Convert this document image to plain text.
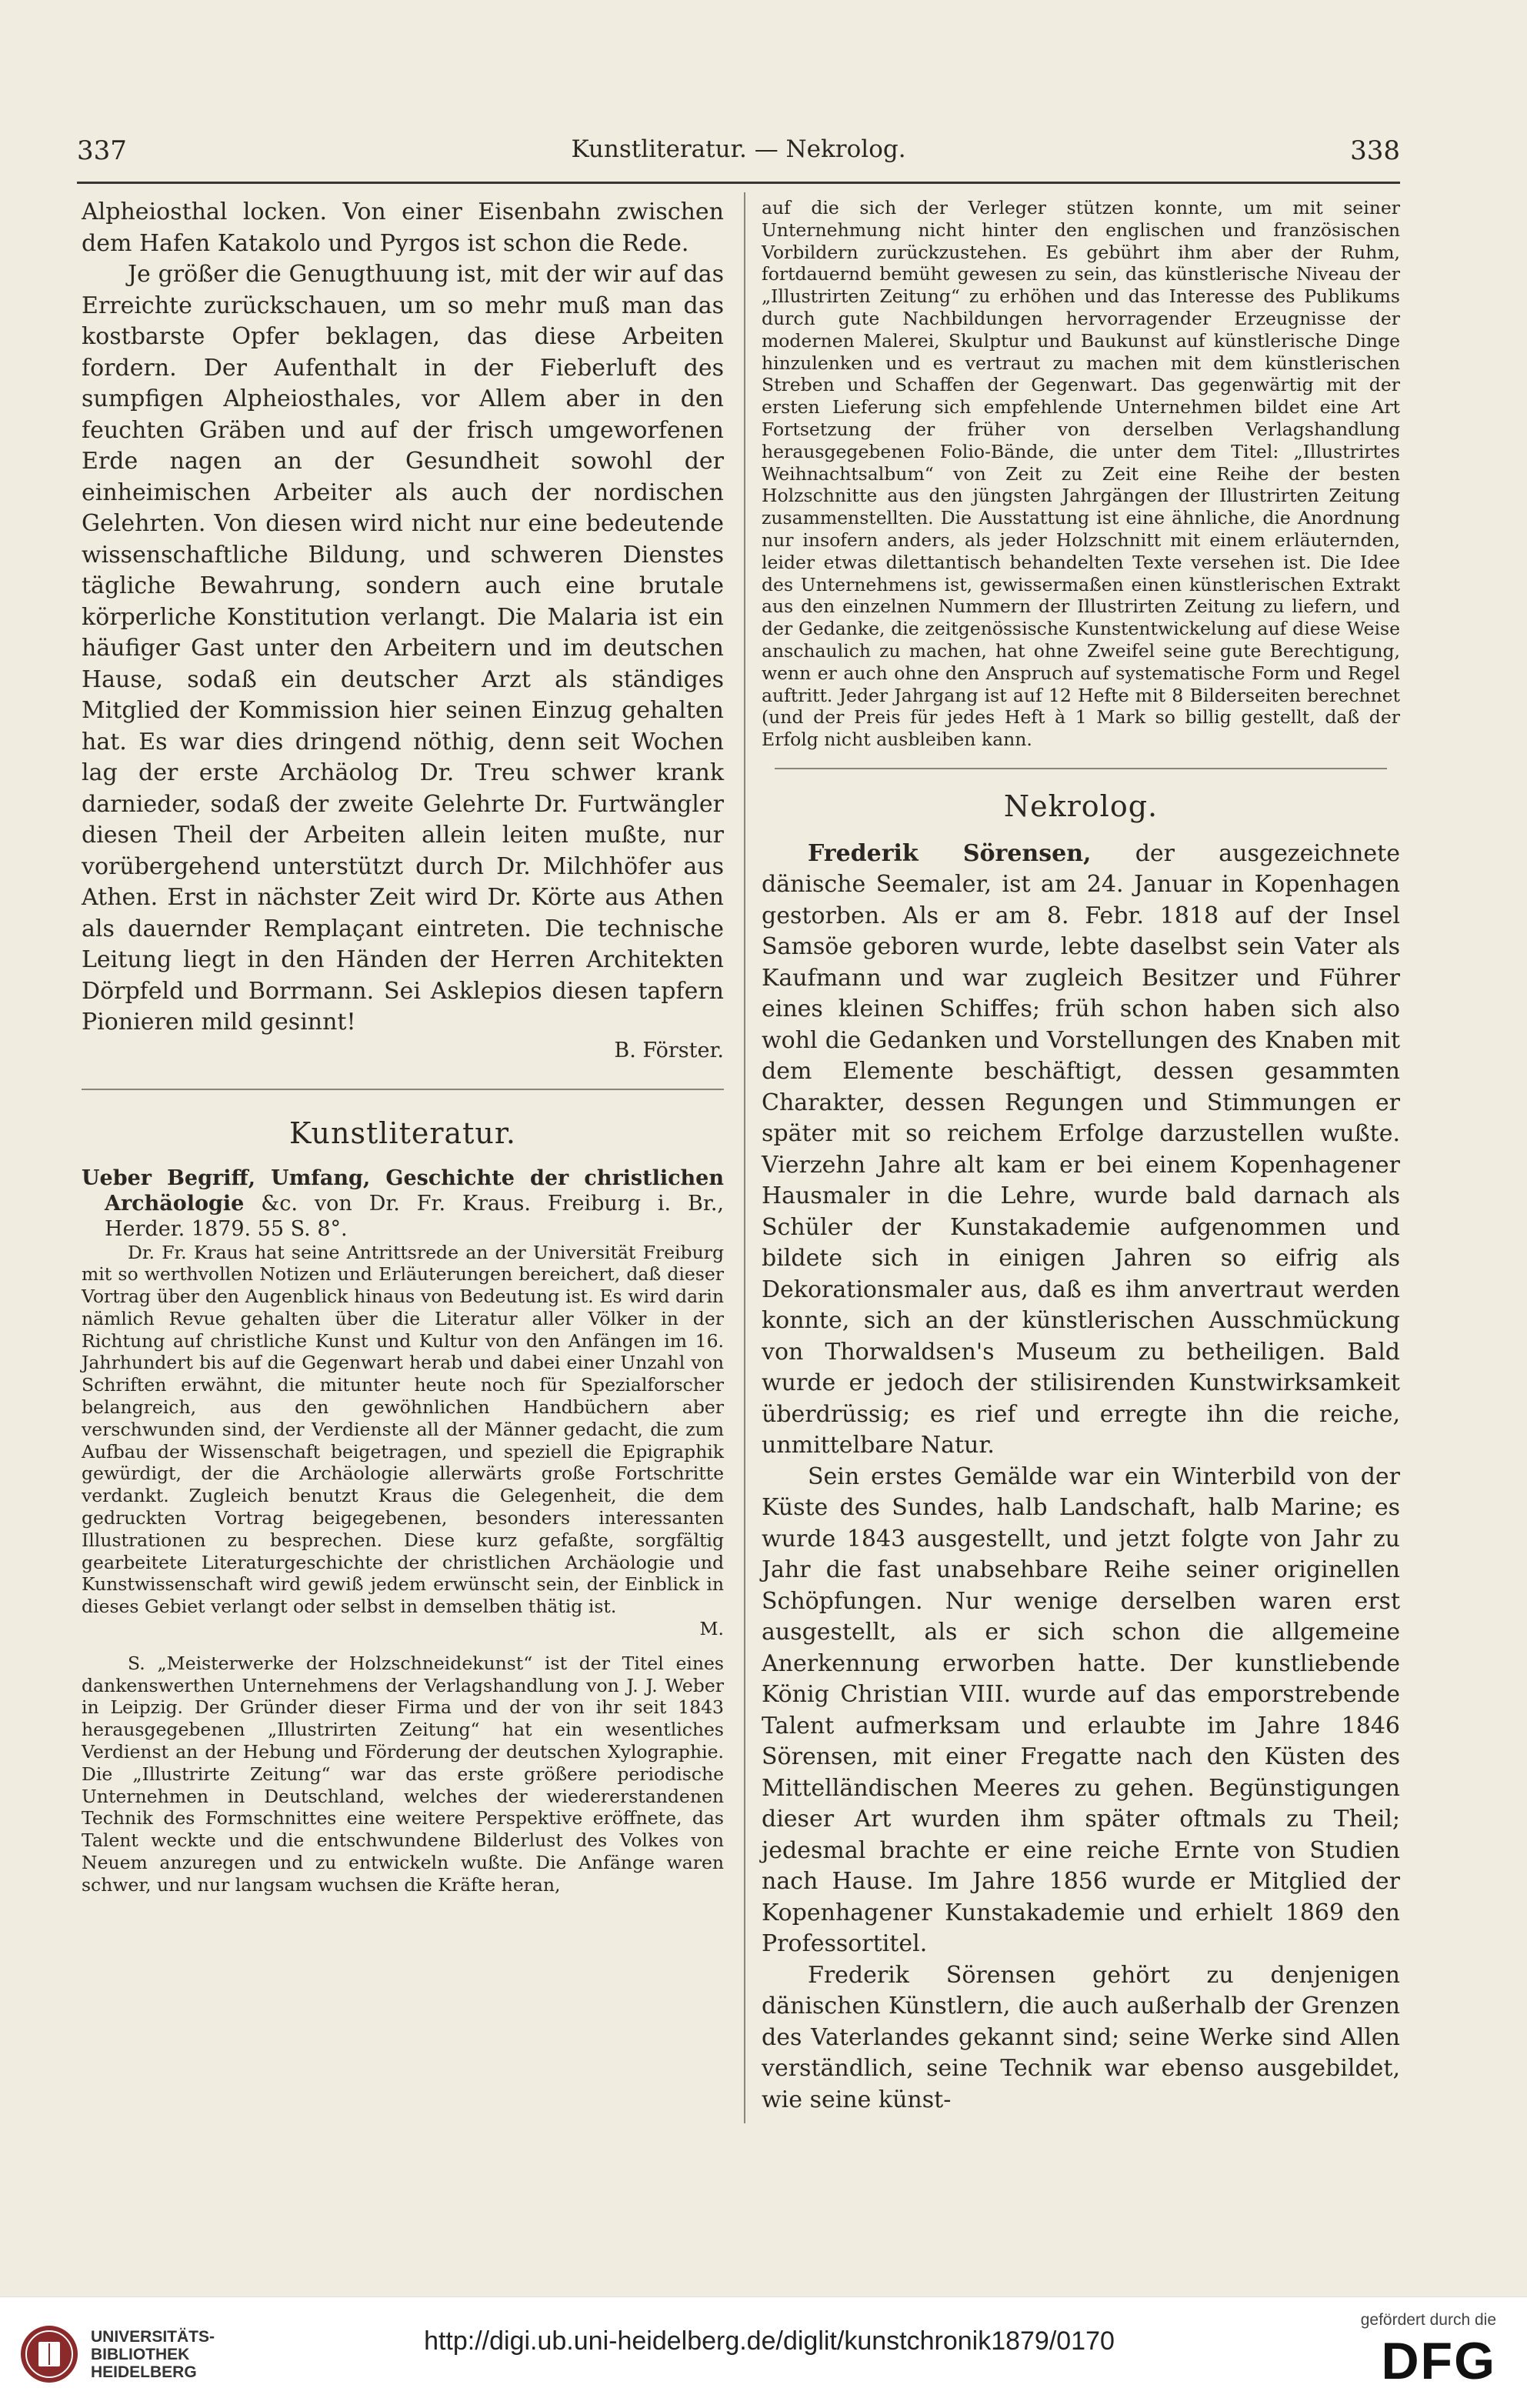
337	Kunstliteratur. — Nekrolog.	338

Alpheiosthal locken. Von einer Eisenbahn zwischen dem Hafen Katakolo und Pyrgos ist schon die Rede.

Je größer die Genugthuung ist, mit der wir auf das Erreichte zurückschauen, um so mehr muß man das kostbarste Opfer beklagen, das diese Arbeiten fordern. Der Aufenthalt in der Fieberluft des sumpfigen Alpheiosthales, vor Allem aber in den feuchten Gräben und auf der frisch umgeworfenen Erde nagen an der Gesundheit sowohl der einheimischen Arbeiter als auch der nordischen Gelehrten. Von diesen wird nicht nur eine bedeutende wissenschaftliche Bildung, und schweren Dienstes tägliche Bewahrung, sondern auch eine brutale körperliche Konstitution verlangt. Die Malaria ist ein häufiger Gast unter den Arbeitern und im deutschen Hause, sodaß ein deutscher Arzt als ständiges Mitglied der Kommission hier seinen Einzug gehalten hat. Es war dies dringend nöthig, denn seit Wochen lag der erste Archäolog Dr. Treu schwer krank darnieder, sodaß der zweite Gelehrte Dr. Furtwängler diesen Theil der Arbeiten allein leiten mußte, nur vorübergehend unterstützt durch Dr. Milchhöfer aus Athen. Erst in nächster Zeit wird Dr. Körte aus Athen als dauernder Remplaçant eintreten. Die technische Leitung liegt in den Händen der Herren Architekten Dörpfeld und Borrmann. Sei Asklepios diesen tapfern Pionieren mild gesinnt!

B. Förster.
Kunstliteratur.

Ueber Begriff, Umfang, Geschichte der christlichen Archäologie &c. von Dr. Fr. Kraus. Freiburg i. Br., Herder. 1879. 55 S. 8°.

Dr. Fr. Kraus hat seine Antrittsrede an der Universität Freiburg mit so werthvollen Notizen und Erläuterungen bereichert, daß dieser Vortrag über den Augenblick hinaus von Bedeutung ist. Es wird darin nämlich Revue gehalten über die Literatur aller Völker in der Richtung auf christliche Kunst und Kultur von den Anfängen im 16. Jahrhundert bis auf die Gegenwart herab und dabei einer Unzahl von Schriften erwähnt, die mitunter heute noch für Spezialforscher belangreich, aus den gewöhnlichen Handbüchern aber verschwunden sind, der Verdienste all der Männer gedacht, die zum Aufbau der Wissenschaft beigetragen, und speziell die Epigraphik gewürdigt, der die Archäologie allerwärts große Fortschritte verdankt. Zugleich benutzt Kraus die Gelegenheit, die dem gedruckten Vortrag beigegebenen, besonders interessanten Illustrationen zu besprechen. Diese kurz gefaßte, sorgfältig gearbeitete Literaturgeschichte der christlichen Archäologie und Kunstwissenschaft wird gewiß jedem erwünscht sein, der Einblick in dieses Gebiet verlangt oder selbst in demselben thätig ist.

M.

S. „Meisterwerke der Holzschneidekunst“ ist der Titel eines dankenswerthen Unternehmens der Verlagshandlung von J. J. Weber in Leipzig. Der Gründer dieser Firma und der von ihr seit 1843 herausgegebenen „Illustrirten Zeitung“ hat ein wesentliches Verdienst an der Hebung und Förderung der deutschen Xylographie. Die „Illustrirte Zeitung“ war das erste größere periodische Unternehmen in Deutschland, welches der wiedererstandenen Technik des Formschnittes eine weitere Perspektive eröffnete, das Talent weckte und die entschwundene Bilderlust des Volkes von Neuem anzuregen und zu entwickeln wußte. Die Anfänge waren schwer, und nur langsam wuchsen die Kräfte heran,

auf die sich der Verleger stützen konnte, um mit seiner Unternehmung nicht hinter den englischen und französischen Vorbildern zurückzustehen. Es gebührt ihm aber der Ruhm, fortdauernd bemüht gewesen zu sein, das künstlerische Niveau der „Illustrirten Zeitung“ zu erhöhen und das Interesse des Publikums durch gute Nachbildungen hervorragender Erzeugnisse der modernen Malerei, Skulptur und Baukunst auf künstlerische Dinge hinzulenken und es vertraut zu machen mit dem künstlerischen Streben und Schaffen der Gegenwart. Das gegenwärtig mit der ersten Lieferung sich empfehlende Unternehmen bildet eine Art Fortsetzung der früher von derselben Verlagshandlung herausgegebenen Folio-Bände, die unter dem Titel: „Illustrirtes Weihnachtsalbum“ von Zeit zu Zeit eine Reihe der besten Holzschnitte aus den jüngsten Jahrgängen der Illustrirten Zeitung zusammenstellten. Die Ausstattung ist eine ähnliche, die Anordnung nur insofern anders, als jeder Holzschnitt mit einem erläuternden, leider etwas dilettantisch behandelten Texte versehen ist. Die Idee des Unternehmens ist, gewissermaßen einen künstlerischen Extrakt aus den einzelnen Nummern der Illustrirten Zeitung zu liefern, und der Gedanke, die zeitgenössische Kunstentwickelung auf diese Weise anschaulich zu machen, hat ohne Zweifel seine gute Berechtigung, wenn er auch ohne den Anspruch auf systematische Form und Regel auftritt. Jeder Jahrgang ist auf 12 Hefte mit 8 Bilderseiten berechnet (und der Preis für jedes Heft à 1 Mark so billig gestellt, daß der Erfolg nicht ausbleiben kann.

Nekrolog.

Frederik Sörensen, der ausgezeichnete dänische Seemaler, ist am 24. Januar in Kopenhagen gestorben. Als er am 8. Febr. 1818 auf der Insel Samsöe geboren wurde, lebte daselbst sein Vater als Kaufmann und war zugleich Besitzer und Führer eines kleinen Schiffes; früh schon haben sich also wohl die Gedanken und Vorstellungen des Knaben mit dem Elemente beschäftigt, dessen gesammten Charakter, dessen Regungen und Stimmungen er später mit so reichem Erfolge darzustellen wußte. Vierzehn Jahre alt kam er bei einem Kopenhagener Hausmaler in die Lehre, wurde bald darnach als Schüler der Kunstakademie aufgenommen und bildete sich in einigen Jahren so eifrig als Dekorationsmaler aus, daß es ihm anvertraut werden konnte, sich an der künstlerischen Ausschmückung von Thorwaldsen's Museum zu betheiligen. Bald wurde er jedoch der stilisirenden Kunstwirksamkeit überdrüssig; es rief und erregte ihn die reiche, unmittelbare Natur.

Sein erstes Gemälde war ein Winterbild von der Küste des Sundes, halb Landschaft, halb Marine; es wurde 1843 ausgestellt, und jetzt folgte von Jahr zu Jahr die fast unabsehbare Reihe seiner originellen Schöpfungen. Nur wenige derselben waren erst ausgestellt, als er sich schon die allgemeine Anerkennung erworben hatte. Der kunstliebende König Christian VIII. wurde auf das emporstrebende Talent aufmerksam und erlaubte im Jahre 1846 Sörensen, mit einer Fregatte nach den Küsten des Mittelländischen Meeres zu gehen. Begünstigungen dieser Art wurden ihm später oftmals zu Theil; jedesmal brachte er eine reiche Ernte von Studien nach Hause. Im Jahre 1856 wurde er Mitglied der Kopenhagener Kunstakademie und erhielt 1869 den Professortitel.

Frederik Sörensen gehört zu denjenigen dänischen Künstlern, die auch außerhalb der Grenzen des Vaterlandes gekannt sind; seine Werke sind Allen verständlich, seine Technik war ebenso ausgebildet, wie seine künst-

UNIVERSITÄTS-
BIBLIOTHEK
HEIDELBERG
http://digi.ub.uni-heidelberg.de/diglit/kunstchronik1879/0170
gefördert durch die
DFG
